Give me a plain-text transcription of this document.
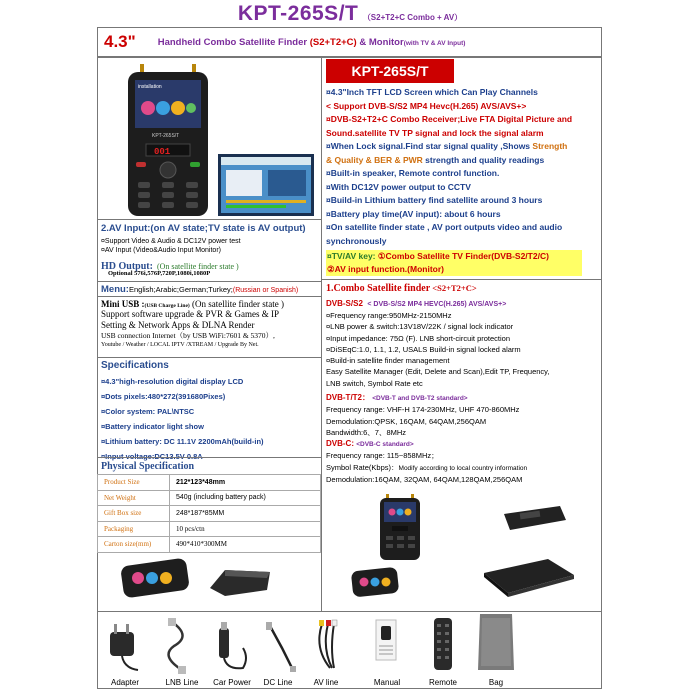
KPT-265S/T （S2+T2+C Combo + AV）
4.3" Handheld Combo Satellite Finder (S2+T2+C) & Monitor(with TV & AV Input)
installation
KPT-265S/T
001
2.AV Input:(on AV state;TV state is AV output)
¤Support Video & Audio & DC12V power test
¤AV Input (Video&Audio Input Monitor)
HD Output: (On satellite finder state )
Optional 576i,576P,720P,1080i,1080P
Menu:English;Arabic;German;Turkey;(Russian or Spanish)
Mini USB :(USB Charge Line) (On satellite finder state )
Support software upgrade & PVR & Games & IP
Setting & Network Apps & DLNA Render
USB connection Internet（by USB WiFi:7601 & 5370）,
Youtube / Weather / LOCAL IPTV /XTREAM / Upgrade By Net.
Specifications
¤4.3"high-resolution digital display LCD
¤Dots pixels:480*272(391680Pixes)
¤Color system: PAL\NTSC
¤Battery indicator light show
¤Lithium battery: DC 11.1V 2200mAh(build-in)
Physical Specification
Product Size	212*123*48mm
Net Weight	540g (including battery pack)
Gift Box size	248*187*85MM
Packaging	10 pcs/ctn
Carton size(mm)	490*410*300MM
KPT-265S/T
¤4.3"Inch TFT LCD Screen which Can Play Channels
< Support DVB-S/S2 MP4 Hevc(H.265) AVS/AVS+>
¤DVB-S2+T2+C Combo Receiver;Live FTA Digital Picture and
Sound.satellite TV TP signal and lock the signal alarm
¤When Lock signal.Find star signal quality ,Shows Strength
& Quality & BER & PWR strength and quality readings
¤Built-in speaker, Remote control function.
¤With DC12V power output to CCTV
¤Build-in Lithium battery find satellite around 3 hours
¤Battery play time(AV input): about 6 hours
¤On satellite finder state , AV port outputs video and audio
synchronously
¤TV/AV key: ①Combo Satellite TV Finder(DVB-S2/T2/C)
②AV input function.(Monitor)
1.Combo Satellite finder <S2+T2+C>
DVB-S/S2 < DVB-S/S2 MP4 HEVC(H.265) AVS/AVS+>
¤Frequency range:950MHz-2150MHz
¤LNB power & switch:13V18V/22K / signal lock indicator
¤Input impedance: 75Ω (F). LNB short-circuit protection
¤DiSEqC:1.0, 1.1, 1.2, USALS Build-in signal locked alarm
¤Build-in satellite finder management
Easy Satellite Manager (Edit, Delete and Scan),Edit TP, Frequency,
LNB switch, Symbol Rate etc
DVB-T/T2： <DVB-T and DVB-T2 standard>
Frequency range: VHF-H 174-230MHz, UHF 470-860MHz
Demodulation:QPSK, 16QAM, 64QAM,256QAM
Bandwidth:6、7、8MHz
DVB-C: <DVB-C standard>
Frequency range: 115~858MHz；
Symbol Rate(Kbps)：Modify according to local country information
Demodulation:16QAM, 32QAM, 64QAM,128QAM,256QAM
Adapter	LNB Line	Car Power	DC Line	AV line	Manual	Remote	Bag
